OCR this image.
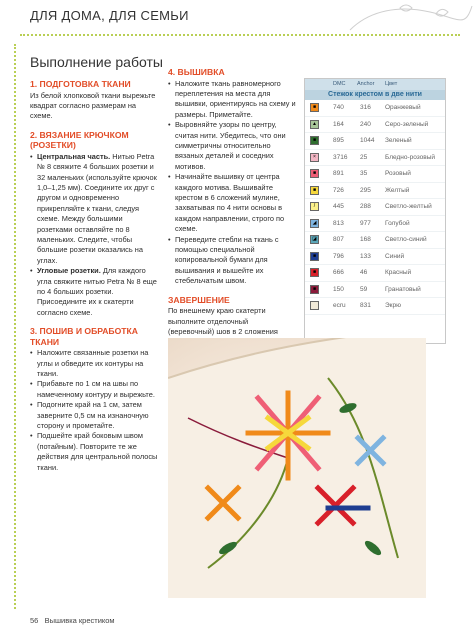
ДЛЯ ДОМА, ДЛЯ СЕМЬИ
Выполнение работы
1. ПОДГОТОВКА ТКАНИ

Из белой хлопковой ткани вырежьте квадрат согласно размерам на схеме.

2. ВЯЗАНИЕ КРЮЧКОМ (РОЗЕТКИ)
• Центральная часть. Нитью Petra № 8 свяжите 4 больших розетки и 32 маленьких (используйте крючок 1,0–1,25 мм). Соедините их друг с другом и одновременно прикрепляйте к ткани, следуя схеме. Между большими розетками оставляйте по 8 маленьких. Следите, чтобы большие розетки оказались на углах.
• Угловые розетки. Для каждого угла свяжите нитью Petra № 8 еще по 4 больших розетки. Присоедините их к скатерти согласно схеме.
3. ПОШИВ И ОБРАБОТКА ТКАНИ
• Наложите связанные розетки на углы и обведите их контуры на ткани.
• Прибавьте по 1 см на швы по намеченному контуру и вырежьте.
• Подогните край на 1 см, затем заверните 0,5 см на изнаночную сторону и прометайте.
• Подшейте край боковым швом (потайным). Повторите те же действия для центральной полосы ткани.
4. ВЫШИВКА
• Наложите ткань равномерного переплетения на места для вышивки, ориентируясь на схему и размеры. Приметайте.
• Выровняйте узоры по центру, считая нити. Убедитесь, что они симметричны относительно вязаных деталей и соседних мотивов.
• Начинайте вышивку от центра каждого мотива. Вышивайте крестом в 6 сложений мулине, захватывая по 4 нити основы в каждом направлении, строго по схеме.
• Переведите стебли на ткань с помощью специальной копировальной бумаги для вышивания и вышейте их стебельчатым швом.
ЗАВЕРШЕНИЕ

По внешнему краю скатерти выполните отделочный (веревочный) шов в 2 сложения

DMC Anchor Цвет
Стежок крестом в две нити
■	740 316 Оранжевый
▲	164 240 Серо-зеленый
■	895 1044 Зеленый
×	3716 25	Бледно-розовый
■	891 35	Розовый
■	726 295 Желтый
/	445 288 Светло-желтый
◢	813 977 Голубой
◪	807 168 Светло-синий
■	796 133 Синий
■	666 46	Красный
■	150 59	Гранатовый
ecru 831 Экрю
56 Вышивка крестиком
